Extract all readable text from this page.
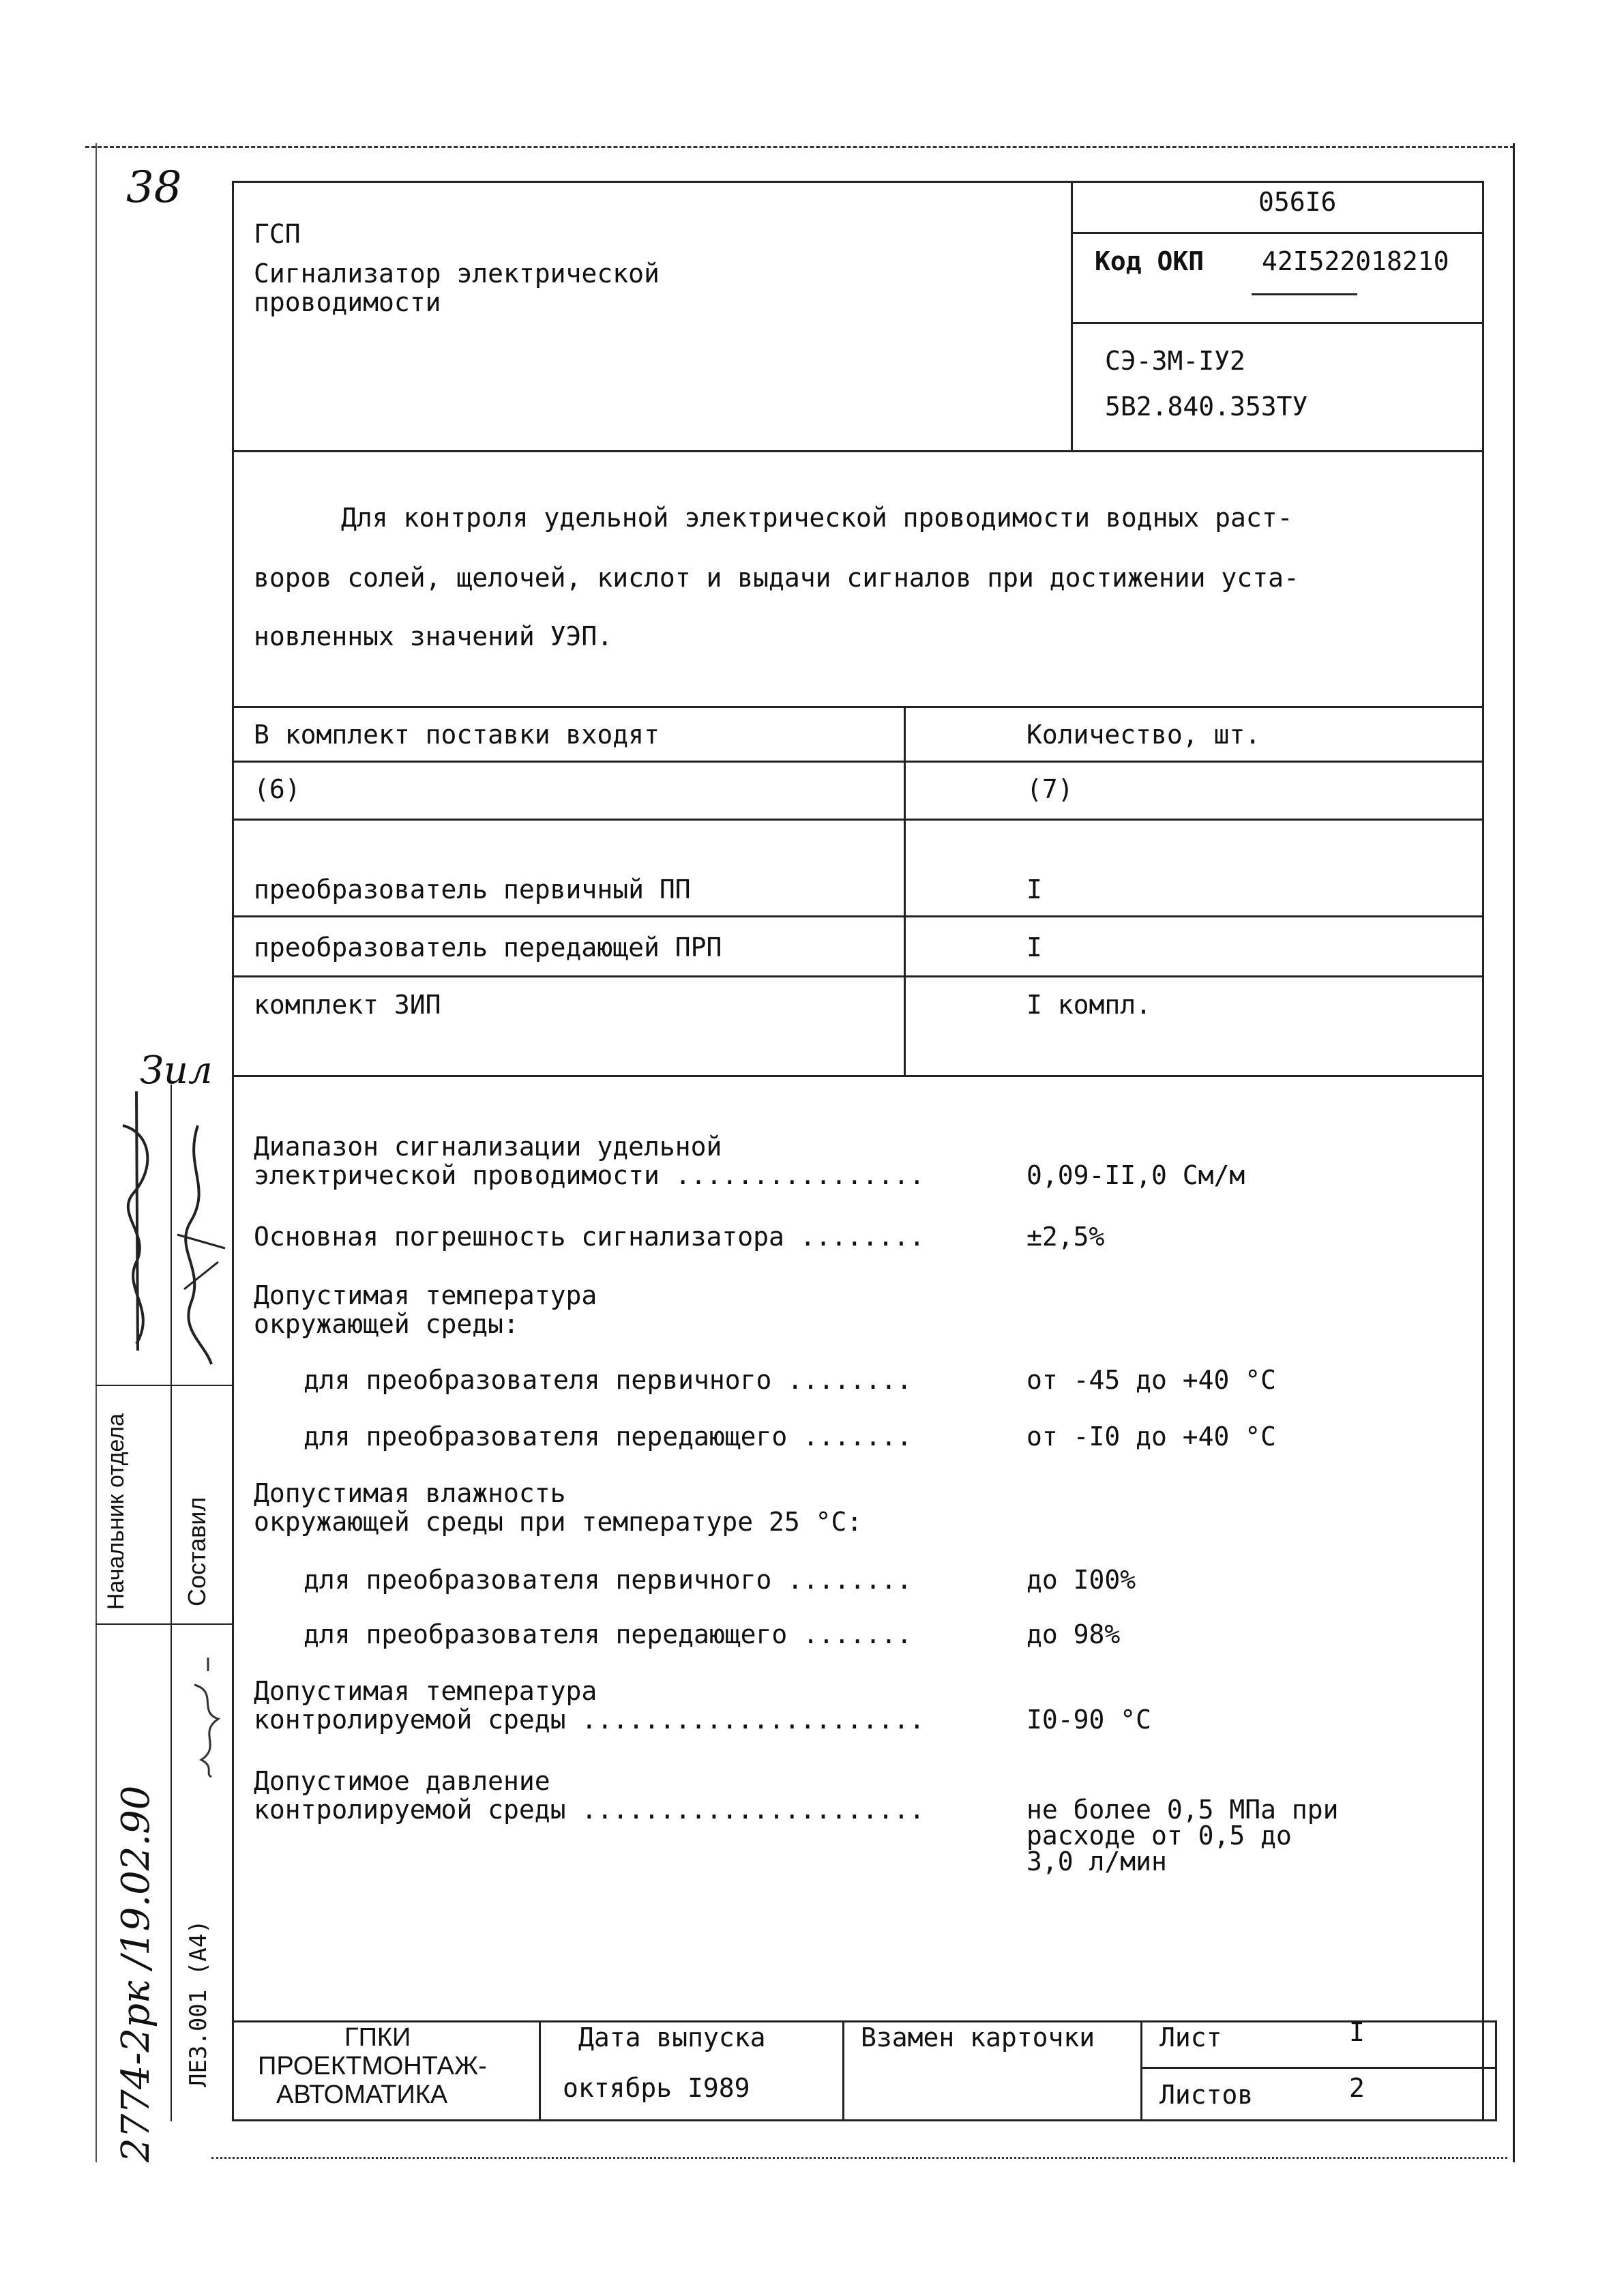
38
ГСП
Сигнализатор электрической
проводимости
056I6
Код ОКП 42I522018210
СЭ-3М-IУ2
5В2.840.353ТУ
Для контроля удельной электрической проводимости водных раст-
воров солей, щелочей, кислот и выдачи сигналов при достижении уста-
новленных значений УЭП.
В комплект поставки входят	Количество, шт.
(6)	(7)
преобразователь первичный ПП	I
преобразователь передающей ПРП	I
комплект ЗИП	I компл.
Диапазон сигнализации удельной
электрической проводимости ................	0,09-II,0 См/м
Основная погрешность сигнализатора ........	±2,5%
Допустимая температура
окружающей среды:
для преобразователя первичного ........	от -45 до +40 °С
для преобразователя передающего .......	от -I0 до +40 °С
Допустимая влажность
окружающей среды при температуре 25 °С:
для преобразователя первичного ........	до I00%
для преобразователя передающего .......	до 98%
Допустимая температура
контролируемой среды ......................	I0-90 °С
Допустимое давление
контролируемой среды ......................	не более 0,5 МПа при
расходе от 0,5 до
3,0 л/мин
ГПКИ
ПРОЕКТМОНТАЖ-
АВТОМАТИКА
Дата выпуска
октябрь I989
Взамен карточки Лист	I
Листов	2
Начальник отдела Составил
ЛЕЗ.001 (А4)
2774-2рк /19.02.90
Зил
